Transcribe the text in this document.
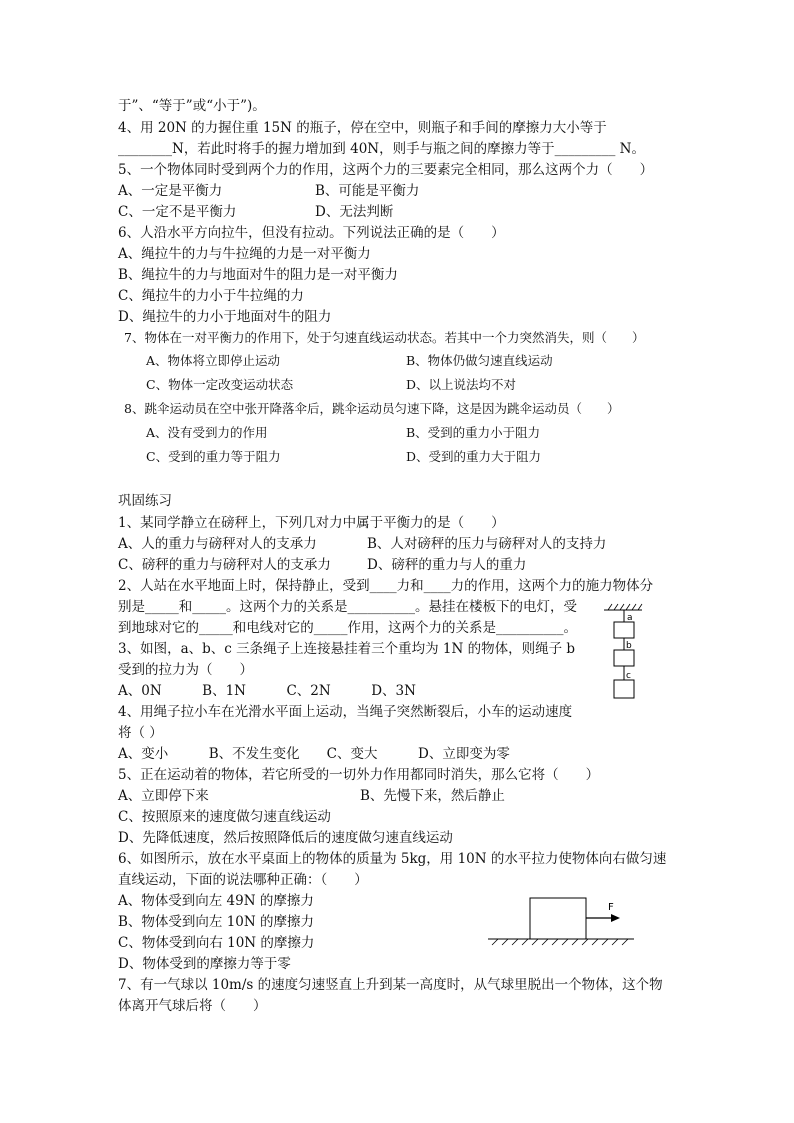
于”、“等于”或“小于”)。
4、用 20N 的力握住重 15N 的瓶子，停在空中，则瓶子和手间的摩擦力大小等于
________N，若此时将手的握力增加到 40N，则手与瓶之间的摩擦力等于_________ N。
5、一个物体同时受到两个力的作用，这两个力的三要素完全相同，那么这两个力（　　）
A、一定是平衡力	B、可能是平衡力
C、一定不是平衡力	D、无法判断
6、人沿水平方向拉牛，但没有拉动。下列说法正确的是（　　）
A、绳拉牛的力与牛拉绳的力是一对平衡力
B、绳拉牛的力与地面对牛的阻力是一对平衡力
C、绳拉牛的力小于牛拉绳的力
D、绳拉牛的力小于地面对牛的阻力
7、物体在一对平衡力的作用下，处于匀速直线运动状态。若其中一个力突然消失，则（　　）
A、物体将立即停止运动	B、物体仍做匀速直线运动
C、物体一定改变运动状态	D、以上说法均不对
8、跳伞运动员在空中张开降落伞后，跳伞运动员匀速下降，这是因为跳伞运动员（　　）
A、没有受到力的作用	B、受到的重力小于阻力
C、受到的重力等于阻力	D、受到的重力大于阻力
巩固练习
1、某同学静立在磅秤上，下列几对力中属于平衡力的是（　　）
A、人的重力与磅秤对人的支承力	B、人对磅秤的压力与磅秤对人的支持力
C、磅秤的重力与磅秤对人的支承力	D、磅秤的重力与人的重力
2、人站在水平地面上时，保持静止，受到____力和____力的作用，这两个力的施力物体分
别是_____和_____。这两个力的关系是__________。悬挂在楼板下的电灯，受
到地球对它的_____和电线对它的_____作用，这两个力的关系是__________。
3、如图，a、b、c 三条绳子上连接悬挂着三个重均为 1N 的物体，则绳子 b
受到的拉力为（　　）
A、0N　　　B、1N　　　C、2N　　　D、3N
4、用绳子拉小车在光滑水平面上运动，当绳子突然断裂后，小车的运动速度
将（ ）
A、变小　　　B、不发生变化　　C、变大　　　D、立即变为零
5、正在运动着的物体，若它所受的一切外力作用都同时消失，那么它将（　　）
A、立即停下来	B、先慢下来，然后静止
C、按照原来的速度做匀速直线运动
D、先降低速度，然后按照降低后的速度做匀速直线运动
6、如图所示，放在水平桌面上的物体的质量为 5kg，用 10N 的水平拉力使物体向右做匀速
直线运动，下面的说法哪种正确：（　　）
A、物体受到向左 49N 的摩擦力
B、物体受到向左 10N 的摩擦力
C、物体受到向右 10N 的摩擦力
D、物体受到的摩擦力等于零
7、有一气球以 10m/s 的速度匀速竖直上升到某一高度时，从气球里脱出一个物体，这个物
体离开气球后将（　　）
a
b
c
F
